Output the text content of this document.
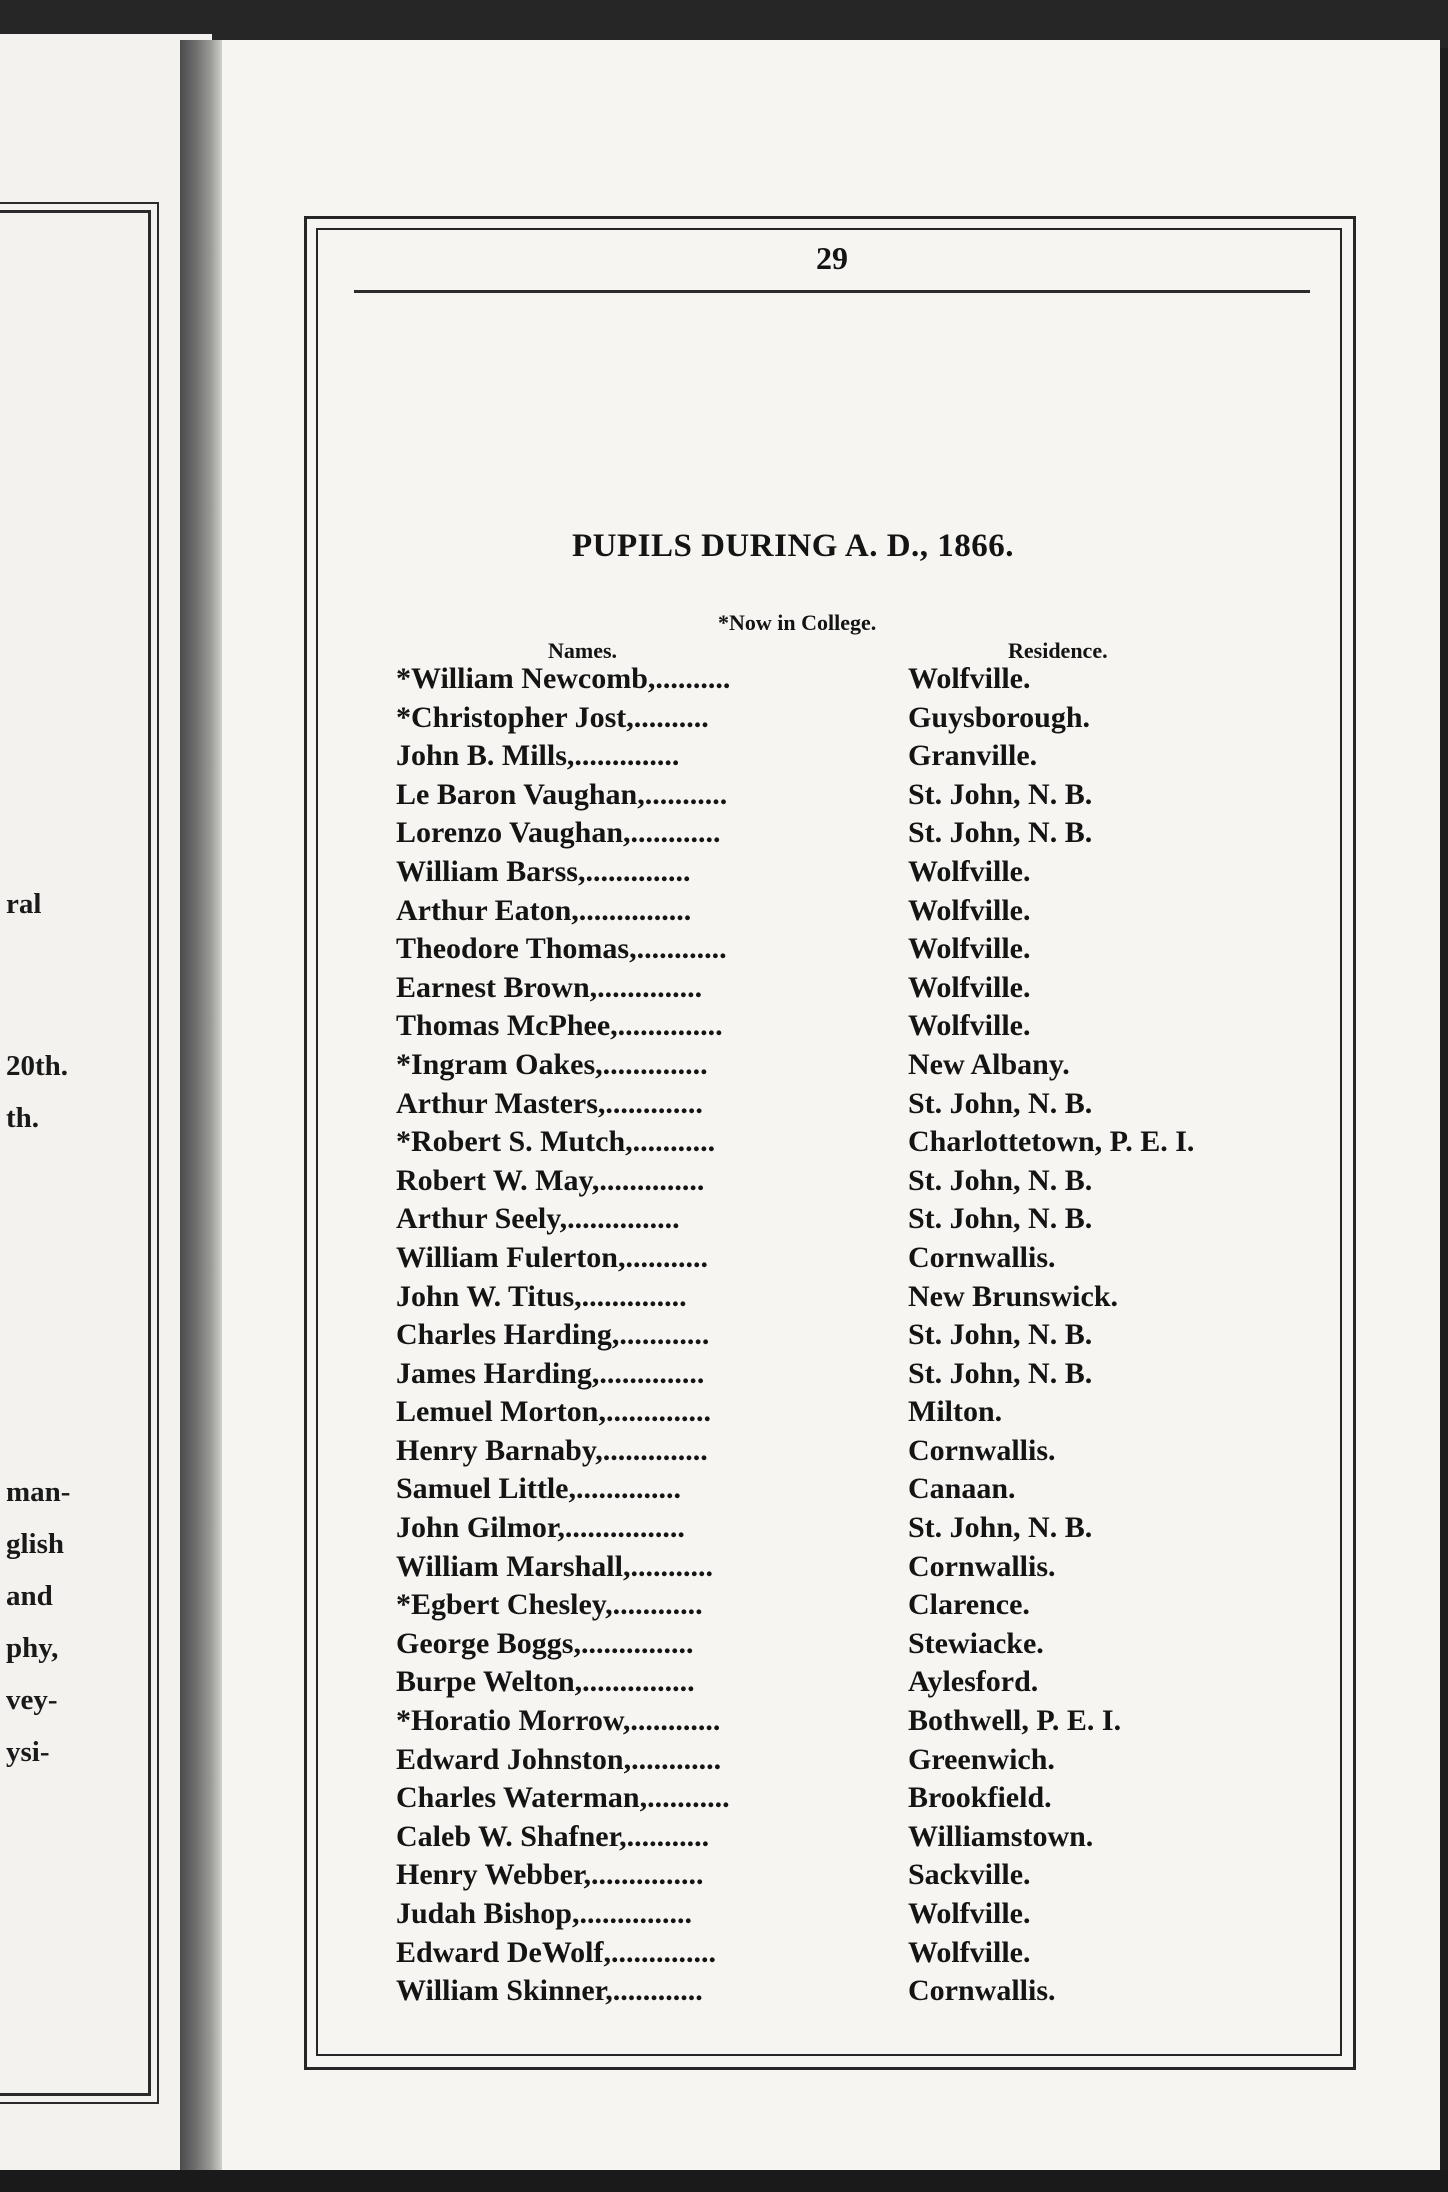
ral
20th.
th.
man-
glish
and
phy,
vey-
ysi-
29
PUPILS DURING A. D., 1866.
*Now in College.
Names.	Residence.
*William Newcomb,..........	Wolfville.
*Christopher Jost,..........	Guysborough.
John B. Mills,..............	Granville.
Le Baron Vaughan,...........	St. John, N. B.
Lorenzo Vaughan,............	St. John, N. B.
William Barss,..............	Wolfville.
Arthur Eaton,...............	Wolfville.
Theodore Thomas,............	Wolfville.
Earnest Brown,..............	Wolfville.
Thomas McPhee,..............	Wolfville.
*Ingram Oakes,..............	New Albany.
Arthur Masters,.............	St. John, N. B.
*Robert S. Mutch,...........	Charlottetown, P. E. I.
Robert W. May,..............	St. John, N. B.
Arthur Seely,...............	St. John, N. B.
William Fulerton,...........	Cornwallis.
John W. Titus,..............	New Brunswick.
Charles Harding,............	St. John, N. B.
James Harding,..............	St. John, N. B.
Lemuel Morton,..............	Milton.
Henry Barnaby,..............	Cornwallis.
Samuel Little,..............	Canaan.
John Gilmor,................	St. John, N. B.
William Marshall,...........	Cornwallis.
*Egbert Chesley,............	Clarence.
George Boggs,...............	Stewiacke.
Burpe Welton,...............	Aylesford.
*Horatio Morrow,............	Bothwell, P. E. I.
Edward Johnston,............	Greenwich.
Charles Waterman,...........	Brookfield.
Caleb W. Shafner,...........	Williamstown.
Henry Webber,...............	Sackville.
Judah Bishop,...............	Wolfville.
Edward DeWolf,..............	Wolfville.
William Skinner,............	Cornwallis.
